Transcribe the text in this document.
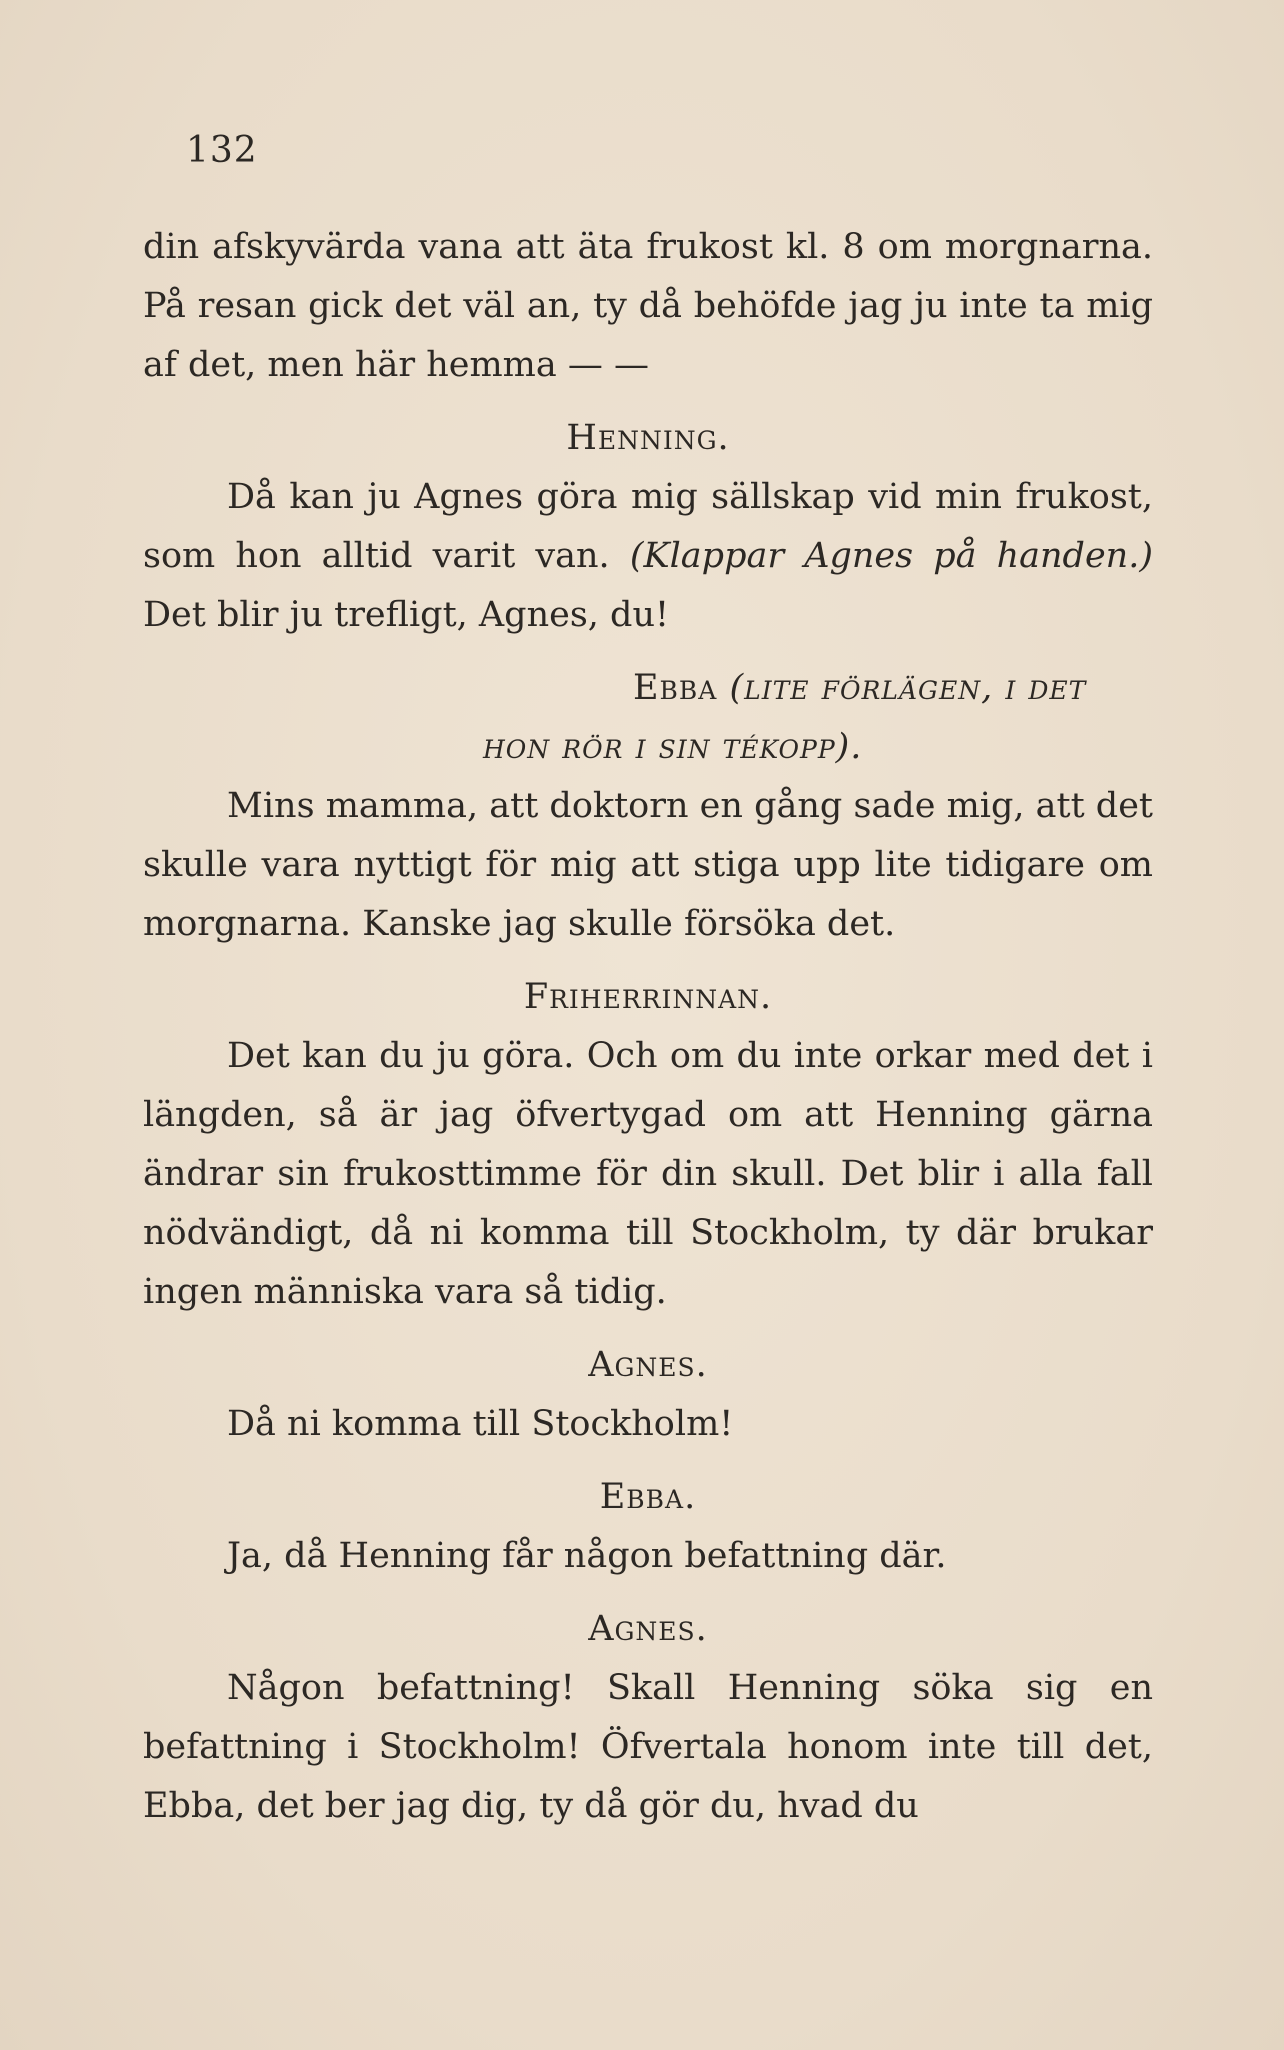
132

din afskyvärda vana att äta frukost kl. 8 om morgnarna. På resan gick det väl an, ty då behöfde jag ju inte ta mig af det, men här hemma — —

Henning.

Då kan ju Agnes göra mig sällskap vid min frukost, som hon alltid varit van. (Klappar Agnes på handen.) Det blir ju trefligt, Agnes, du!

Ebba (lite förlägen, i det hon rör i sin tékopp).

Mins mamma, att doktorn en gång sade mig, att det skulle vara nyttigt för mig att stiga upp lite tidigare om morgnarna. Kanske jag skulle försöka det.

Friherrinnan.

Det kan du ju göra. Och om du inte orkar med det i längden, så är jag öfvertygad om att Henning gärna ändrar sin frukosttimme för din skull. Det blir i alla fall nödvändigt, då ni komma till Stockholm, ty där brukar ingen människa vara så tidig.

Agnes.

Då ni komma till Stockholm!

Ebba.

Ja, då Henning får någon befattning där.

Agnes.

Någon befattning! Skall Henning söka sig en befattning i Stockholm! Öfvertala honom inte till det, Ebba, det ber jag dig, ty då gör du, hvad du
